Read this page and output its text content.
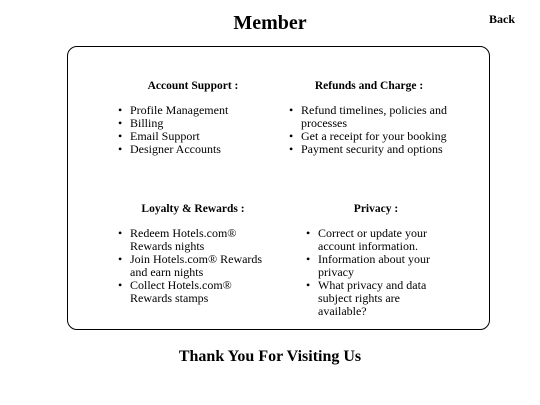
Member	Back
Account Support :
• Profile Management
• Billing
• Email Support
• Designer Accounts
Refunds and Charge :
• Refund timelines, policies and processes
• Get a receipt for your booking
• Payment security and options
Loyalty & Rewards :
• Redeem Hotels.com® Rewards nights
• Join Hotels.com® Rewards and earn nights
• Collect Hotels.com® Rewards stamps
Privacy :
• Correct or update your account information.
• Information about your privacy
• What privacy and data subject rights are available?
Thank You For Visiting Us
